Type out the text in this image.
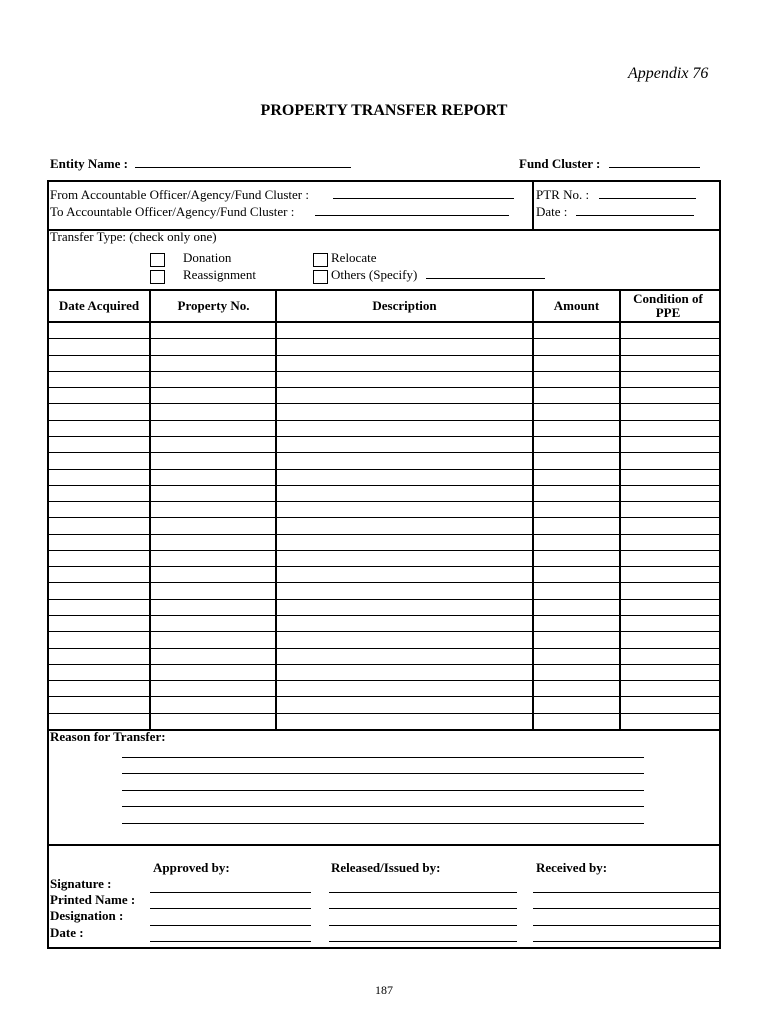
Appendix 76
PROPERTY TRANSFER REPORT
Entity Name :	Fund Cluster :
From Accountable Officer/Agency/Fund Cluster :
To Accountable Officer/Agency/Fund Cluster :
PTR No. :
Date :
Transfer Type: (check only one)
Donation
Reassignment
Relocate
Others (Specify)
Date Acquired	Property No.	Description	Amount	Condition of PPE
Reason for Transfer:
Approved by:	Released/Issued by:	Received by:
Signature :
Printed Name :
Designation :
Date :
187
